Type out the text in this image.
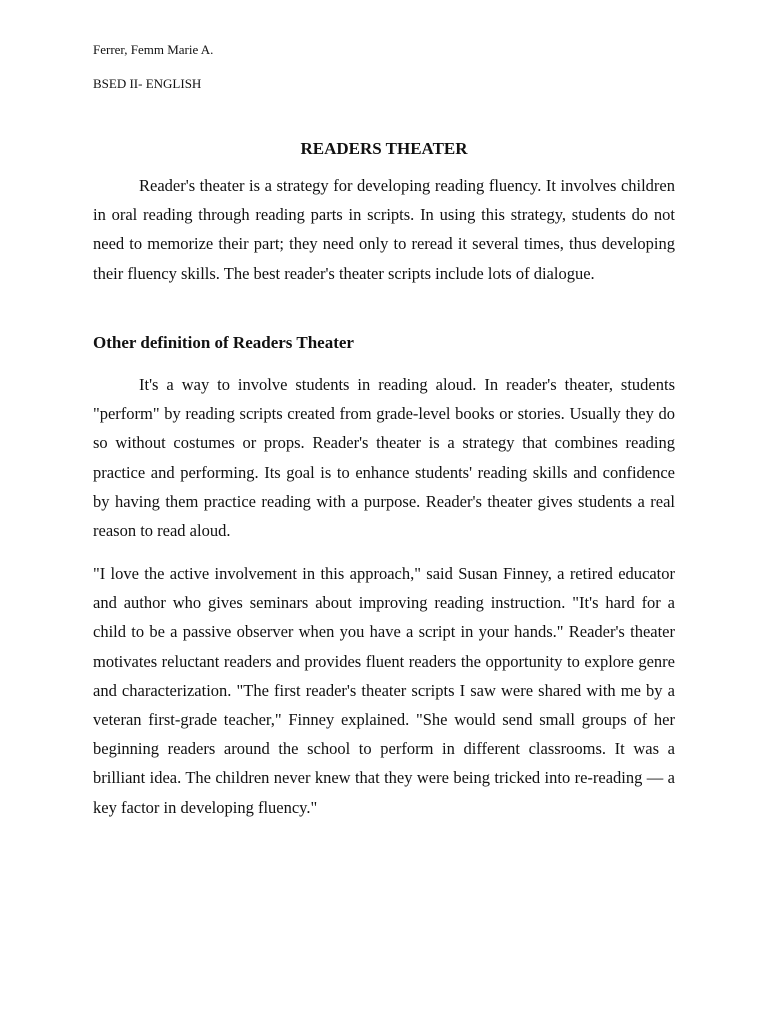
Ferrer, Femm Marie A.

BSED II- ENGLISH

READERS THEATER

Reader's theater is a strategy for developing reading fluency. It involves children in oral reading through reading parts in scripts. In using this strategy, students do not need to memorize their part; they need only to reread it several times, thus developing their fluency skills. The best reader's theater scripts include lots of dialogue.

Other definition of Readers Theater

It's a way to involve students in reading aloud. In reader's theater, students "perform" by reading scripts created from grade-level books or stories. Usually they do so without costumes or props. Reader's theater is a strategy that combines reading practice and performing. Its goal is to enhance students' reading skills and confidence by having them practice reading with a purpose. Reader's theater gives students a real reason to read aloud.

"I love the active involvement in this approach," said Susan Finney, a retired educator and author who gives seminars about improving reading instruction. "It's hard for a child to be a passive observer when you have a script in your hands." Reader's theater motivates reluctant readers and provides fluent readers the opportunity to explore genre and characterization. "The first reader's theater scripts I saw were shared with me by a veteran first-grade teacher," Finney explained. "She would send small groups of her beginning readers around the school to perform in different classrooms. It was a brilliant idea. The children never knew that they were being tricked into re-reading — a key factor in developing fluency."
